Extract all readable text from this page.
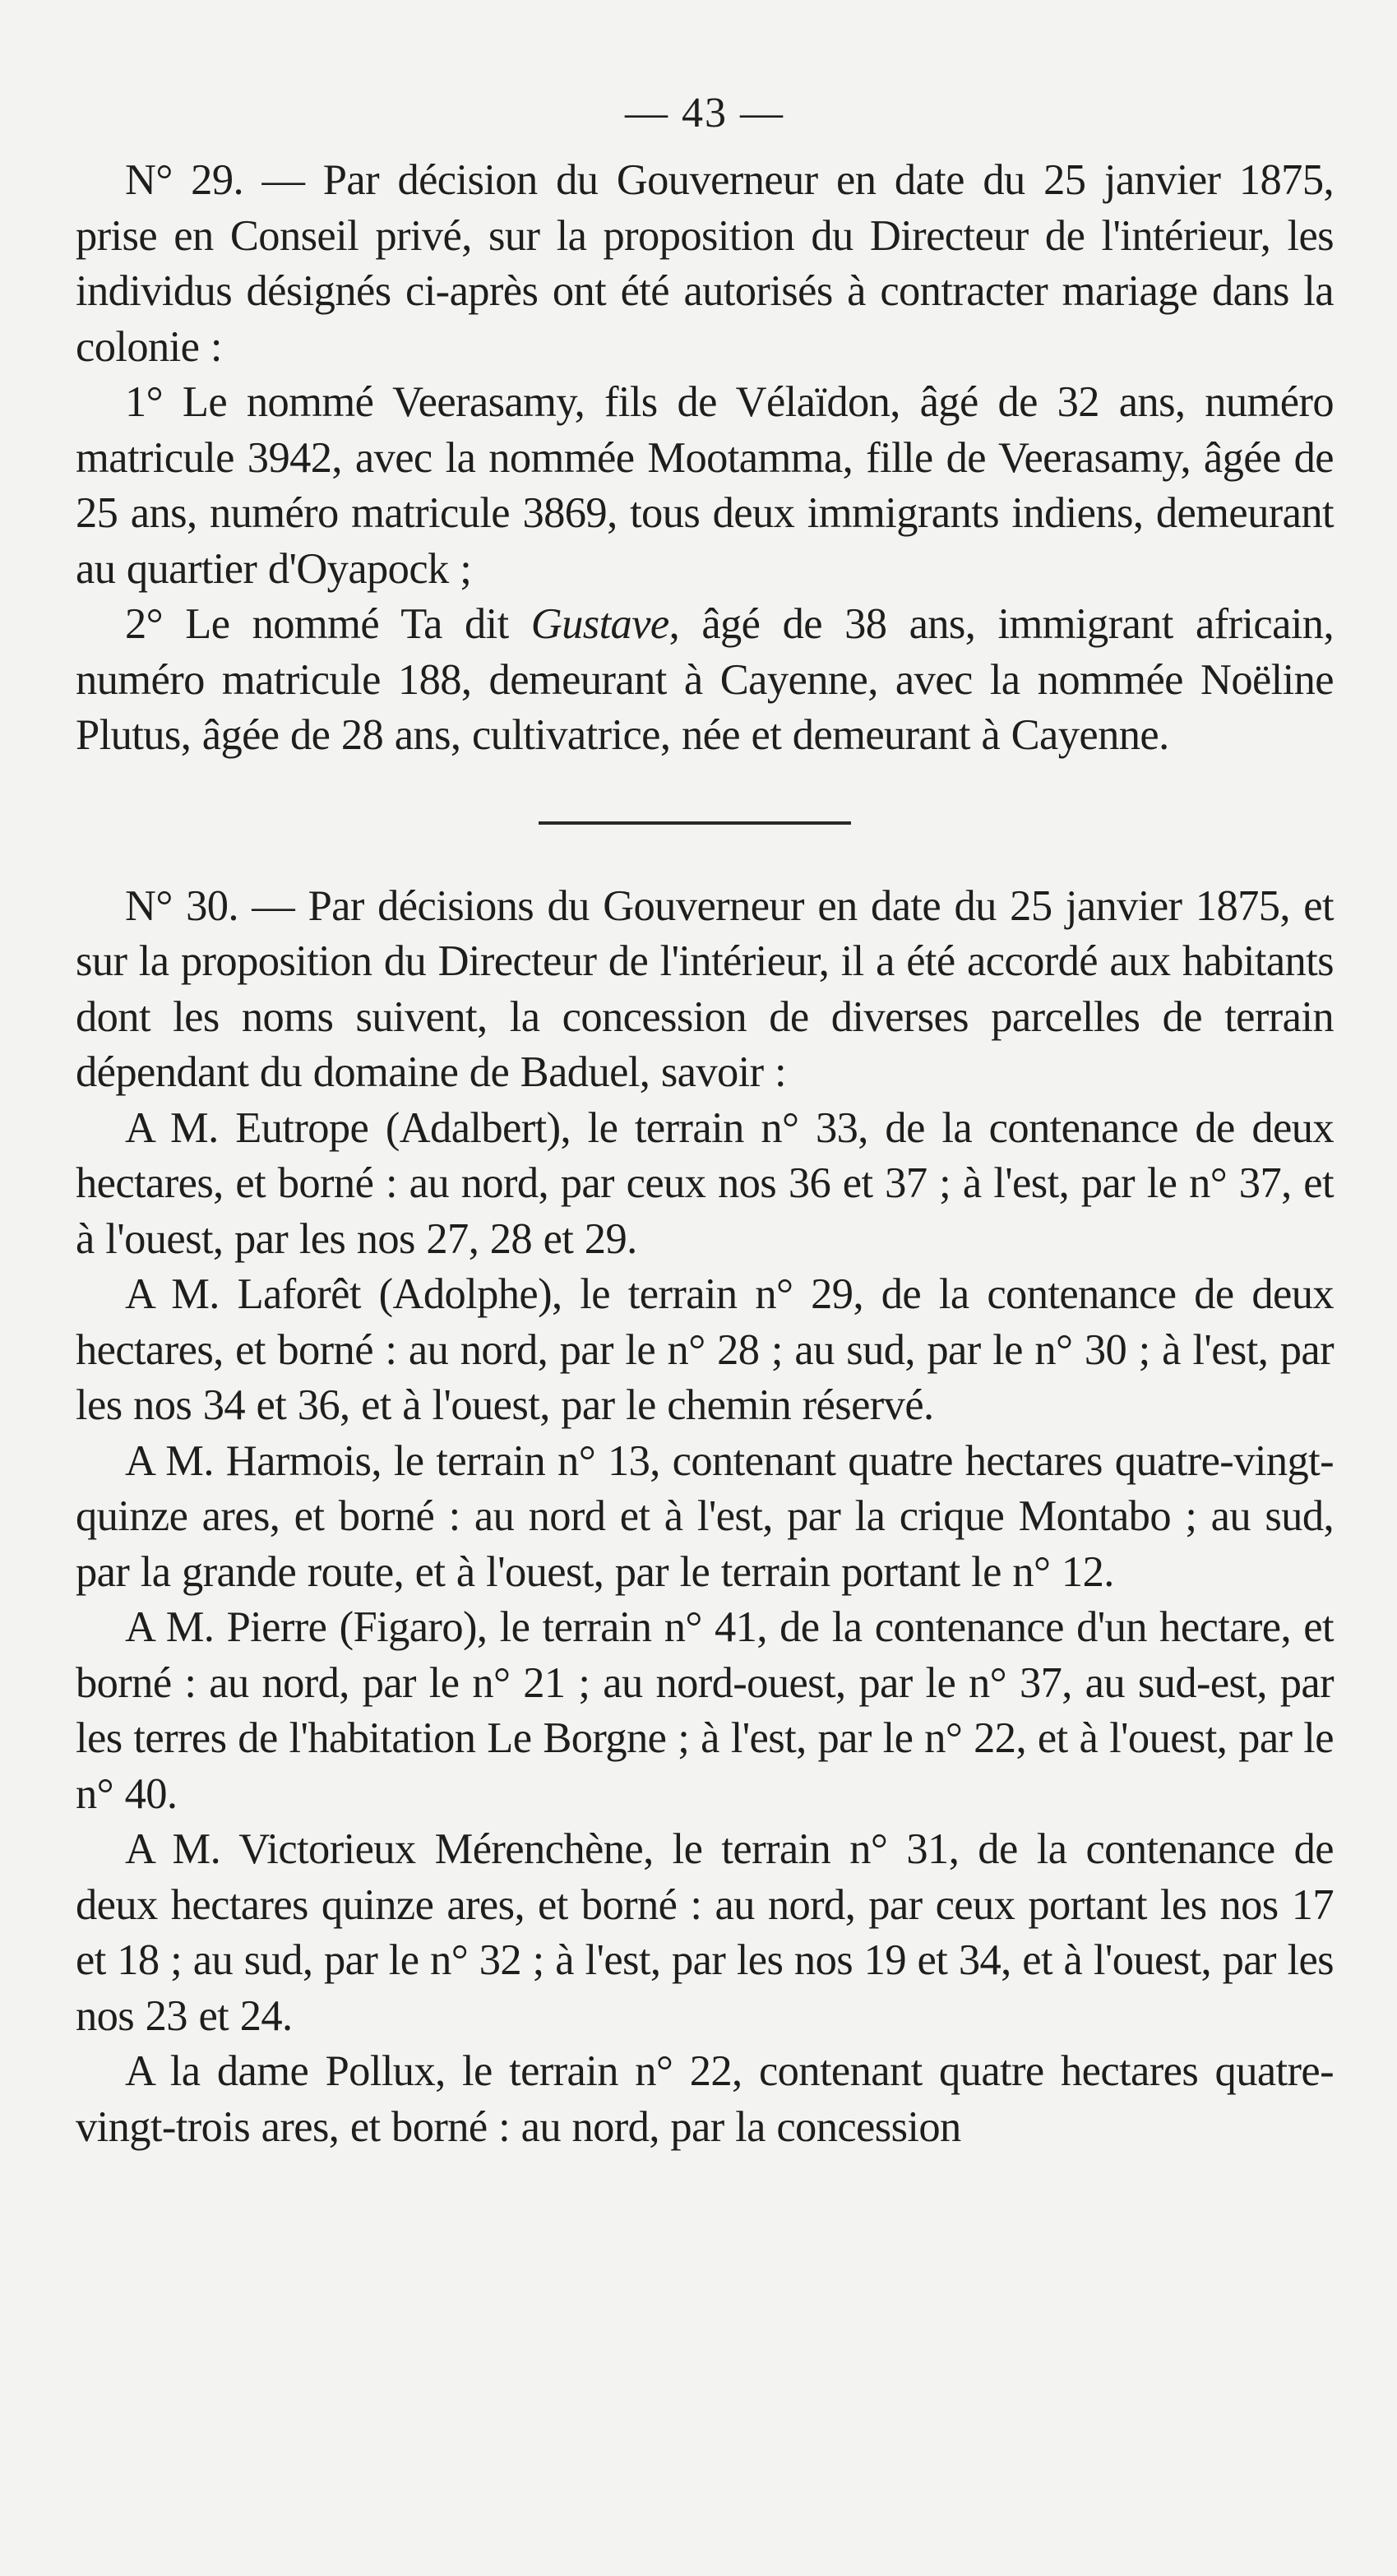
— 43 —

N° 29. — Par décision du Gouverneur en date du 25 janvier 1875, prise en Conseil privé, sur la proposition du Directeur de l'intérieur, les individus désignés ci-après ont été autorisés à contracter mariage dans la colonie :

1° Le nommé Veerasamy, fils de Vélaïdon, âgé de 32 ans, numéro matricule 3942, avec la nommée Mootamma, fille de Veerasamy, âgée de 25 ans, numéro matricule 3869, tous deux immigrants indiens, demeurant au quartier d'Oyapock ;

2° Le nommé Ta dit Gustave, âgé de 38 ans, immigrant africain, numéro matricule 188, demeurant à Cayenne, avec la nommée Noëline Plutus, âgée de 28 ans, cultivatrice, née et demeurant à Cayenne.

N° 30. — Par décisions du Gouverneur en date du 25 janvier 1875, et sur la proposition du Directeur de l'intérieur, il a été accordé aux habitants dont les noms suivent, la concession de diverses parcelles de terrain dépendant du domaine de Baduel, savoir :

A M. Eutrope (Adalbert), le terrain n° 33, de la contenance de deux hectares, et borné : au nord, par ceux nos 36 et 37 ; à l'est, par le n° 37, et à l'ouest, par les nos 27, 28 et 29.

A M. Laforêt (Adolphe), le terrain n° 29, de la contenance de deux hectares, et borné : au nord, par le n° 28 ; au sud, par le n° 30 ; à l'est, par les nos 34 et 36, et à l'ouest, par le chemin réservé.

A M. Harmois, le terrain n° 13, contenant quatre hectares quatre-vingt-quinze ares, et borné : au nord et à l'est, par la crique Montabo ; au sud, par la grande route, et à l'ouest, par le terrain portant le n° 12.

A M. Pierre (Figaro), le terrain n° 41, de la contenance d'un hectare, et borné : au nord, par le n° 21 ; au nord-ouest, par le n° 37, au sud-est, par les terres de l'habitation Le Borgne ; à l'est, par le n° 22, et à l'ouest, par le n° 40.

A M. Victorieux Mérenchène, le terrain n° 31, de la contenance de deux hectares quinze ares, et borné : au nord, par ceux portant les nos 17 et 18 ; au sud, par le n° 32 ; à l'est, par les nos 19 et 34, et à l'ouest, par les nos 23 et 24.

A la dame Pollux, le terrain n° 22, contenant quatre hectares quatre-vingt-trois ares, et borné : au nord, par la concession
